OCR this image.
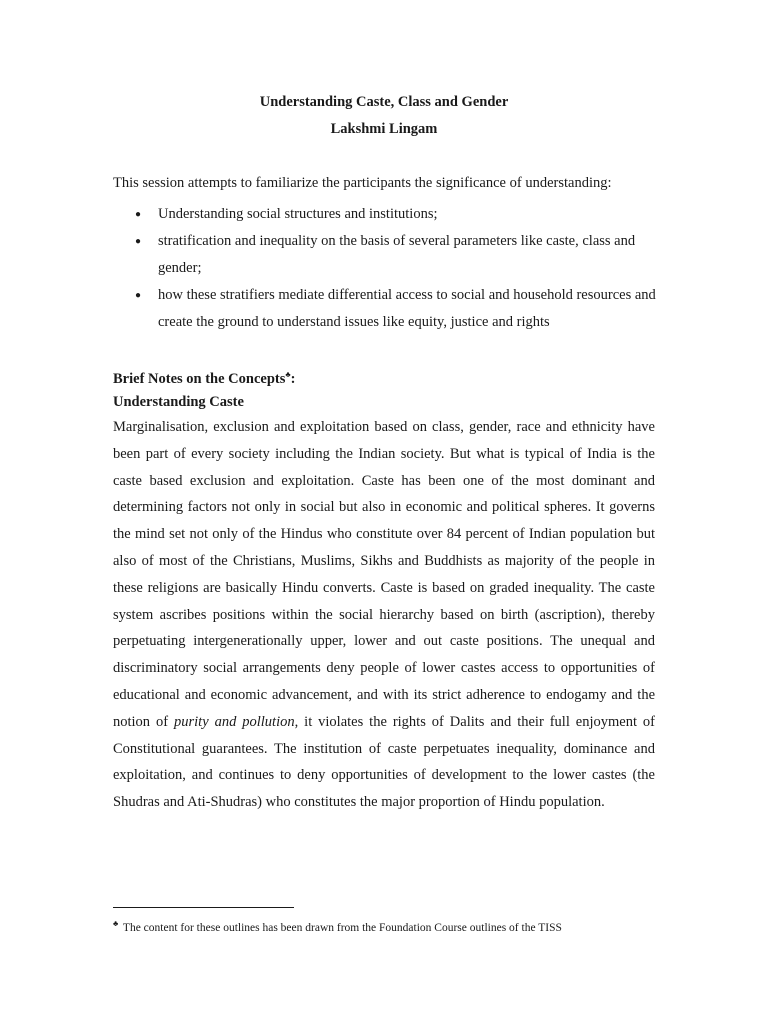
Understanding Caste, Class and Gender
Lakshmi Lingam
This session attempts to familiarize the participants the significance of understanding:
● Understanding social structures and institutions;
● stratification and inequality on the basis of several parameters like caste, class and gender;
● how these stratifiers mediate differential access to social and household resources and create the ground to understand issues like equity, justice and rights
Brief Notes on the Concepts♣:
Understanding Caste

Marginalisation, exclusion and exploitation based on class, gender, race and ethnicity have been part of every society including the Indian society. But what is typical of India is the caste based exclusion and exploitation. Caste has been one of the most dominant and determining factors not only in social but also in economic and political spheres. It governs the mind set not only of the Hindus who constitute over 84 percent of Indian population but also of most of the Christians, Muslims, Sikhs and Buddhists as majority of the people in these religions are basically Hindu converts. Caste is based on graded inequality. The caste system ascribes positions within the social hierarchy based on birth (ascription), thereby perpetuating intergenerationally upper, lower and out caste positions. The unequal and discriminatory social arrangements deny people of lower castes access to opportunities of educational and economic advancement, and with its strict adherence to endogamy and the notion of purity and pollution, it violates the rights of Dalits and their full enjoyment of Constitutional guarantees. The institution of caste perpetuates inequality, dominance and exploitation, and continues to deny opportunities of development to the lower castes (the Shudras and Ati-Shudras) who constitutes the major proportion of Hindu population.

♣ The content for these outlines has been drawn from the Foundation Course outlines of the TISS
